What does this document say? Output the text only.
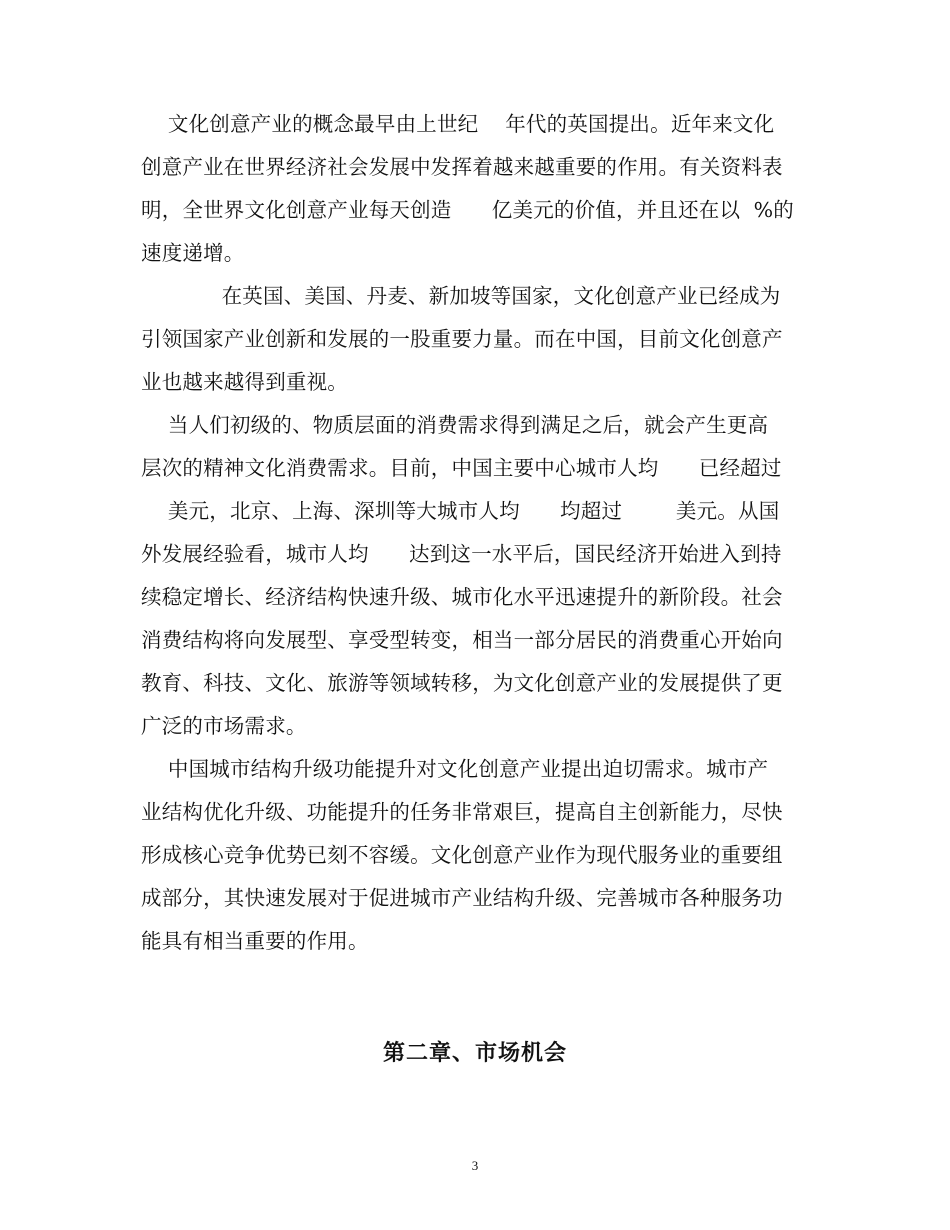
文化创意产业的概念最早由上世纪    年代的英国提出。近年来文化
创意产业在世界经济社会发展中发挥着越来越重要的作用。有关资料表
明，全世界文化创意产业每天创造      亿美元的价值，并且还在以  %的
速度递增。
在英国、美国、丹麦、新加坡等国家，文化创意产业已经成为
引领国家产业创新和发展的一股重要力量。而在中国，目前文化创意产
业也越来越得到重视。
当人们初级的、物质层面的消费需求得到满足之后，就会产生更高
层次的精神文化消费需求。目前，中国主要中心城市人均      已经超过
美元，北京、上海、深圳等大城市人均      均超过        美元。从国
外发展经验看，城市人均      达到这一水平后，国民经济开始进入到持
续稳定增长、经济结构快速升级、城市化水平迅速提升的新阶段。社会
消费结构将向发展型、享受型转变，相当一部分居民的消费重心开始向
教育、科技、文化、旅游等领域转移，为文化创意产业的发展提供了更
广泛的市场需求。
中国城市结构升级功能提升对文化创意产业提出迫切需求。城市产
业结构优化升级、功能提升的任务非常艰巨，提高自主创新能力，尽快
形成核心竞争优势已刻不容缓。文化创意产业作为现代服务业的重要组
成部分，其快速发展对于促进城市产业结构升级、完善城市各种服务功
能具有相当重要的作用。
第二章、市场机会
3
